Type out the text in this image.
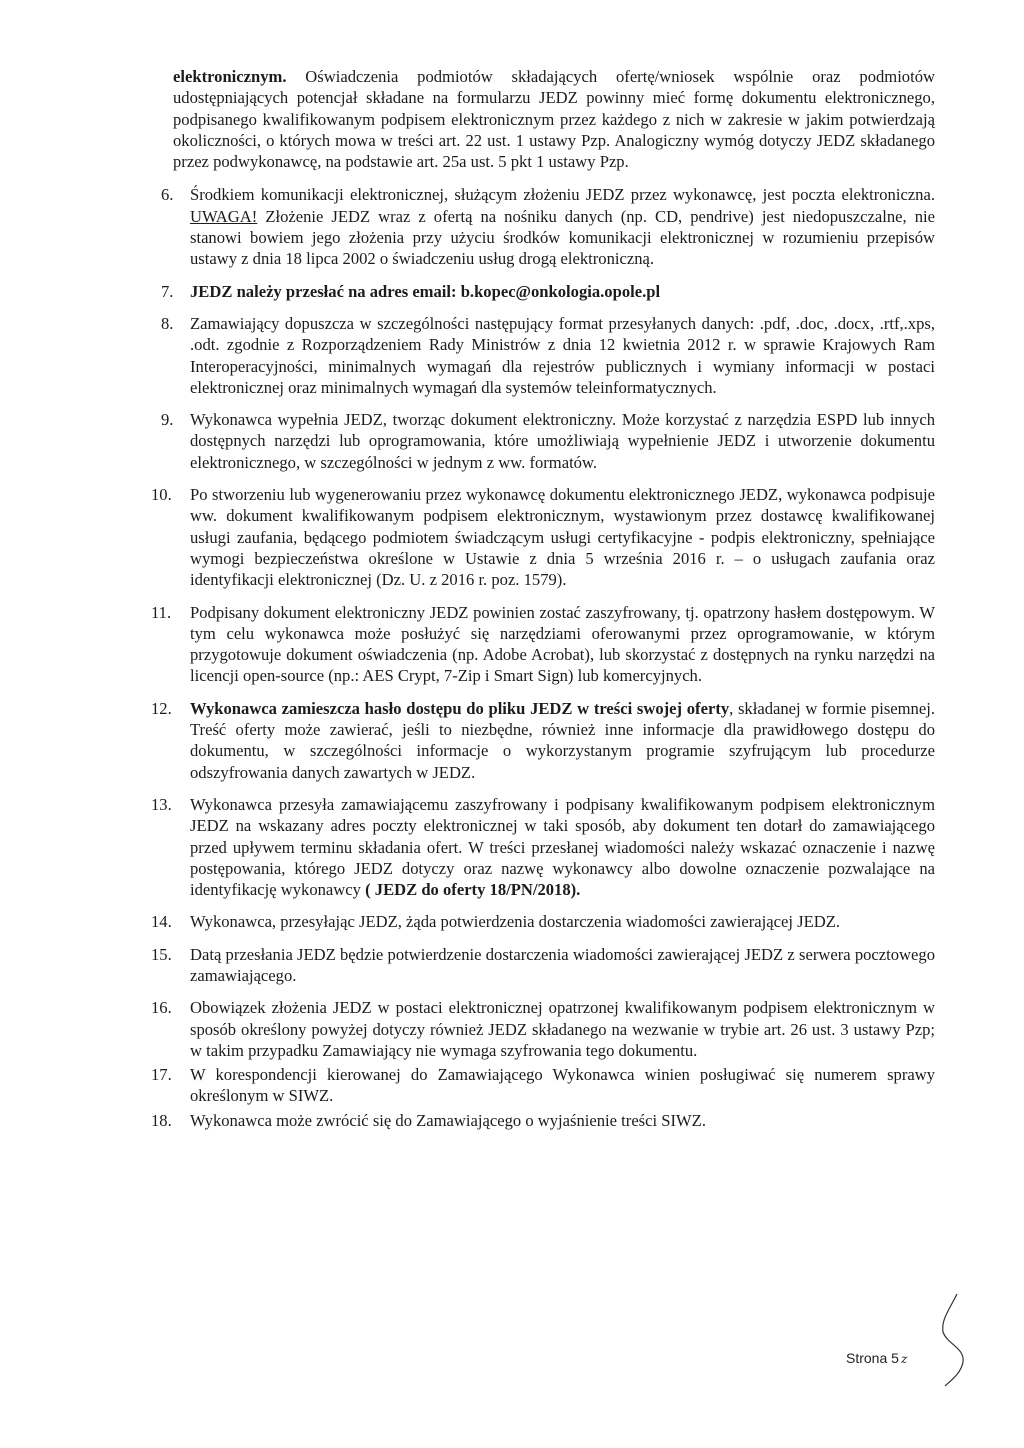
elektronicznym. Oświadczenia podmiotów składających ofertę/wniosek wspólnie oraz podmiotów udostępniających potencjał składane na formularzu JEDZ powinny mieć formę dokumentu elektronicznego, podpisanego kwalifikowanym podpisem elektronicznym przez każdego z nich w zakresie w jakim potwierdzają okoliczności, o których mowa w treści art. 22 ust. 1 ustawy Pzp. Analogiczny wymóg dotyczy JEDZ składanego przez podwykonawcę, na podstawie art. 25a ust. 5 pkt 1 ustawy Pzp.

6. Środkiem komunikacji elektronicznej, służącym złożeniu JEDZ przez wykonawcę, jest poczta elektroniczna. UWAGA! Złożenie JEDZ wraz z ofertą na nośniku danych (np. CD, pendrive) jest niedopuszczalne, nie stanowi bowiem jego złożenia przy użyciu środków komunikacji elektronicznej w rozumieniu przepisów ustawy z dnia 18 lipca 2002 o świadczeniu usług drogą elektroniczną.

7. JEDZ należy przesłać na adres email: b.kopec@onkologia.opole.pl

8. Zamawiający dopuszcza w szczególności następujący format przesyłanych danych: .pdf, .doc, .docx, .rtf,.xps, .odt. zgodnie z Rozporządzeniem Rady Ministrów z dnia 12 kwietnia 2012 r. w sprawie Krajowych Ram Interoperacyjności, minimalnych wymagań dla rejestrów publicznych i wymiany informacji w postaci elektronicznej oraz minimalnych wymagań dla systemów teleinformatycznych.

9. Wykonawca wypełnia JEDZ, tworząc dokument elektroniczny. Może korzystać z narzędzia ESPD lub innych dostępnych narzędzi lub oprogramowania, które umożliwiają wypełnienie JEDZ i utworzenie dokumentu elektronicznego, w szczególności w jednym z ww. formatów.

10. Po stworzeniu lub wygenerowaniu przez wykonawcę dokumentu elektronicznego JEDZ, wykonawca podpisuje ww. dokument kwalifikowanym podpisem elektronicznym, wystawionym przez dostawcę kwalifikowanej usługi zaufania, będącego podmiotem świadczącym usługi certyfikacyjne - podpis elektroniczny, spełniające wymogi bezpieczeństwa określone w Ustawie z dnia 5 września 2016 r. – o usługach zaufania oraz identyfikacji elektronicznej (Dz. U. z 2016 r. poz. 1579).

11. Podpisany dokument elektroniczny JEDZ powinien zostać zaszyfrowany, tj. opatrzony hasłem dostępowym. W tym celu wykonawca może posłużyć się narzędziami oferowanymi przez oprogramowanie, w którym przygotowuje dokument oświadczenia (np. Adobe Acrobat), lub skorzystać z dostępnych na rynku narzędzi na licencji open-source (np.: AES Crypt, 7-Zip i Smart Sign) lub komercyjnych.

12. Wykonawca zamieszcza hasło dostępu do pliku JEDZ w treści swojej oferty, składanej w formie pisemnej. Treść oferty może zawierać, jeśli to niezbędne, również inne informacje dla prawidłowego dostępu do dokumentu, w szczególności informacje o wykorzystanym programie szyfrującym lub procedurze odszyfrowania danych zawartych w JEDZ.

13. Wykonawca przesyła zamawiającemu zaszyfrowany i podpisany kwalifikowanym podpisem elektronicznym JEDZ na wskazany adres poczty elektronicznej w taki sposób, aby dokument ten dotarł do zamawiającego przed upływem terminu składania ofert. W treści przesłanej wiadomości należy wskazać oznaczenie i nazwę postępowania, którego JEDZ dotyczy oraz nazwę wykonawcy albo dowolne oznaczenie pozwalające na identyfikację wykonawcy ( JEDZ do oferty 18/PN/2018).

14. Wykonawca, przesyłając JEDZ, żąda potwierdzenia dostarczenia wiadomości zawierającej JEDZ.

15. Datą przesłania JEDZ będzie potwierdzenie dostarczenia wiadomości zawierającej JEDZ z serwera pocztowego zamawiającego.

16. Obowiązek złożenia JEDZ w postaci elektronicznej opatrzonej kwalifikowanym podpisem elektronicznym w sposób określony powyżej dotyczy również JEDZ składanego na wezwanie w trybie art. 26 ust. 3 ustawy Pzp; w takim przypadku Zamawiający nie wymaga szyfrowania tego dokumentu.

17. W korespondencji kierowanej do Zamawiającego Wykonawca winien posługiwać się numerem sprawy określonym w SIWZ.

18. Wykonawca może zwrócić się do Zamawiającego o wyjaśnienie treści SIWZ.

Strona 5 z
